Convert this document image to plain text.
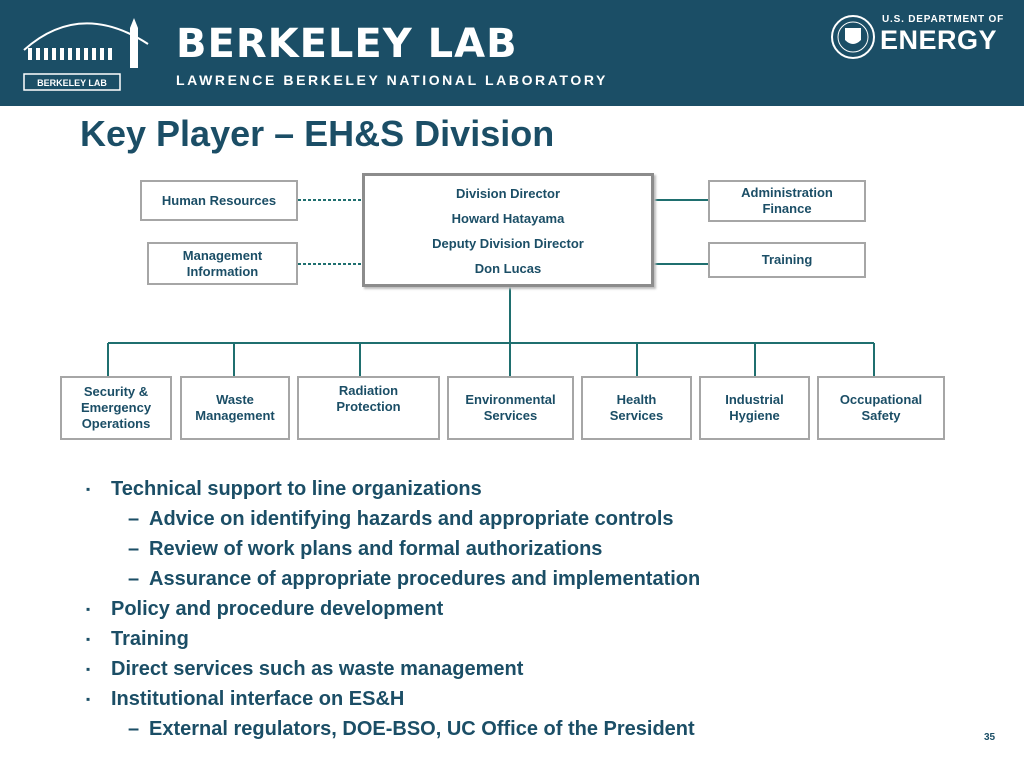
BERKELEY LAB
BERKELEY LAB
LAWRENCE BERKELEY NATIONAL LABORATORY
U.S. DEPARTMENT OF
ENERGY
Key Player – EH&S Division
Division Director
Howard Hatayama
Deputy Division Director
Don Lucas
Human Resources
Management
Information
Administration
Finance
Training
Security &
Emergency
Operations
Waste
Management
Radiation
Protection	Environmental
Services
Health
Services
Industrial
Hygiene
Occupational
Safety
▪ Technical support to line organizations
– Advice on identifying hazards and appropriate controls
– Review of work plans and formal authorizations
– Assurance of appropriate procedures and implementation
▪ Policy and procedure development
▪ Training
▪ Direct services such as waste management
▪ Institutional interface on ES&H
– External regulators, DOE-BSO, UC Office of the President	35
